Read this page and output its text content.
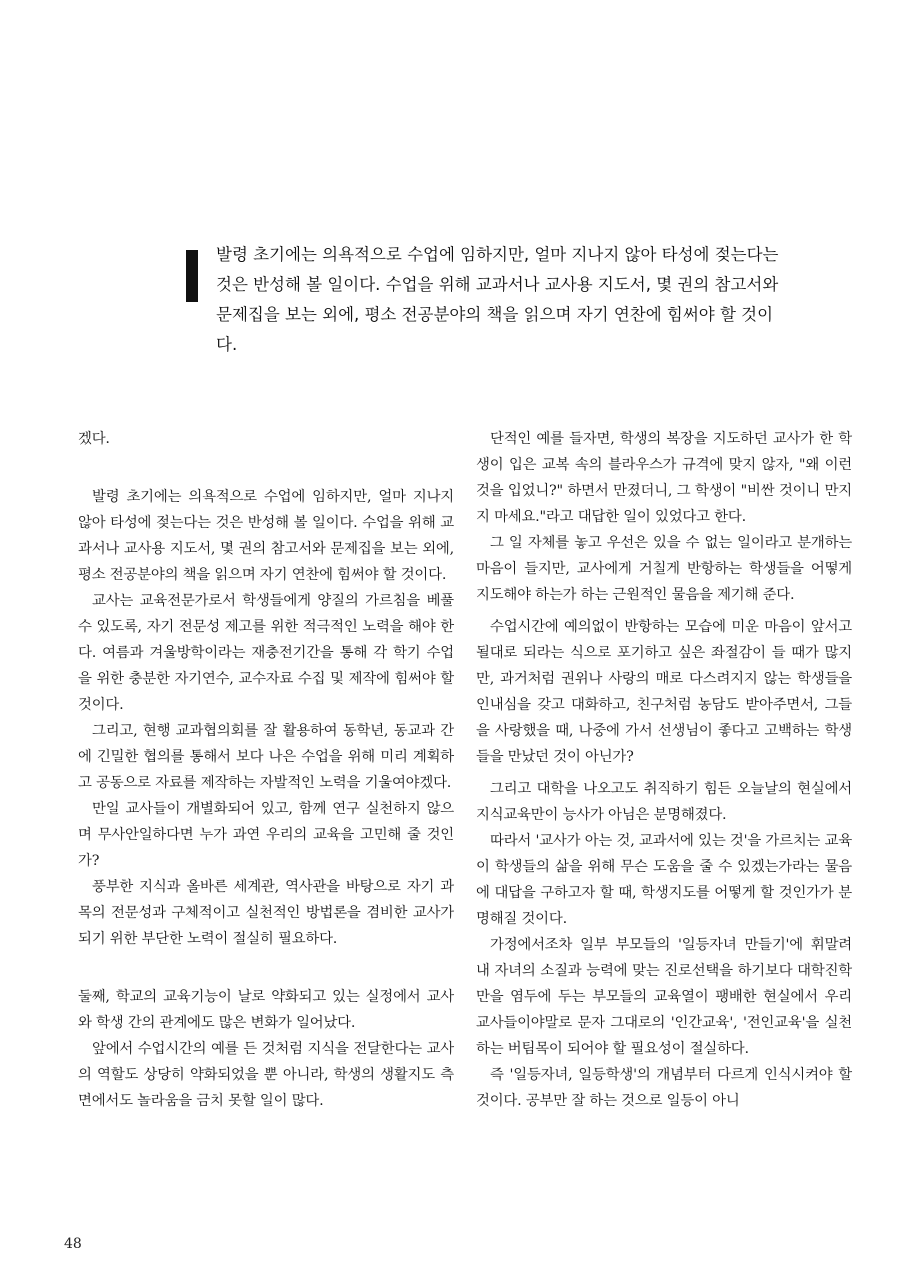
발령 초기에는 의욕적으로 수업에 임하지만, 얼마 지나지 않아 타성에 젖는다는 것은 반성해 볼 일이다. 수업을 위해 교과서나 교사용 지도서, 몇 권의 참고서와 문제집을 보는 외에, 평소 전공분야의 책을 읽으며 자기 연찬에 힘써야 할 것이다.

겠다.

발령 초기에는 의욕적으로 수업에 임하지만, 얼마 지나지 않아 타성에 젖는다는 것은 반성해 볼 일이다. 수업을 위해 교과서나 교사용 지도서, 몇 권의 참고서와 문제집을 보는 외에, 평소 전공분야의 책을 읽으며 자기 연찬에 힘써야 할 것이다.

교사는 교육전문가로서 학생들에게 양질의 가르침을 베풀 수 있도록, 자기 전문성 제고를 위한 적극적인 노력을 해야 한다. 여름과 겨울방학이라는 재충전기간을 통해 각 학기 수업을 위한 충분한 자기연수, 교수자료 수집 및 제작에 힘써야 할 것이다.

그리고, 현행 교과협의회를 잘 활용하여 동학년, 동교과 간에 긴밀한 협의를 통해서 보다 나은 수업을 위해 미리 계획하고 공동으로 자료를 제작하는 자발적인 노력을 기울여야겠다.

만일 교사들이 개별화되어 있고, 함께 연구 실천하지 않으며 무사안일하다면 누가 과연 우리의 교육을 고민해 줄 것인가?

풍부한 지식과 올바른 세계관, 역사관을 바탕으로 자기 과목의 전문성과 구체적이고 실천적인 방법론을 겸비한 교사가 되기 위한 부단한 노력이 절실히 필요하다.

둘째, 학교의 교육기능이 날로 약화되고 있는 실정에서 교사와 학생 간의 관계에도 많은 변화가 일어났다.

앞에서 수업시간의 예를 든 것처럼 지식을 전달한다는 교사의 역할도 상당히 약화되었을 뿐 아니라, 학생의 생활지도 측면에서도 놀라움을 금치 못할 일이 많다.

단적인 예를 들자면, 학생의 복장을 지도하던 교사가 한 학생이 입은 교복 속의 블라우스가 규격에 맞지 않자, "왜 이런 것을 입었니?" 하면서 만졌더니, 그 학생이 "비싼 것이니 만지지 마세요."라고 대답한 일이 있었다고 한다.

그 일 자체를 놓고 우선은 있을 수 없는 일이라고 분개하는 마음이 들지만, 교사에게 거칠게 반항하는 학생들을 어떻게 지도해야 하는가 하는 근원적인 물음을 제기해 준다.

수업시간에 예의없이 반항하는 모습에 미운 마음이 앞서고 될대로 되라는 식으로 포기하고 싶은 좌절감이 들 때가 많지만, 과거처럼 권위나 사랑의 매로 다스려지지 않는 학생들을 인내심을 갖고 대화하고, 친구처럼 농담도 받아주면서, 그들을 사랑했을 때, 나중에 가서 선생님이 좋다고 고백하는 학생들을 만났던 것이 아닌가?

그리고 대학을 나오고도 취직하기 힘든 오늘날의 현실에서 지식교육만이 능사가 아님은 분명해졌다.

따라서 '교사가 아는 것, 교과서에 있는 것'을 가르치는 교육이 학생들의 삶을 위해 무슨 도움을 줄 수 있겠는가라는 물음에 대답을 구하고자 할 때, 학생지도를 어떻게 할 것인가가 분명해질 것이다.

가정에서조차 일부 부모들의 '일등자녀 만들기'에 휘말려 내 자녀의 소질과 능력에 맞는 진로선택을 하기보다 대학진학만을 염두에 두는 부모들의 교육열이 팽배한 현실에서 우리 교사들이야말로 문자 그대로의 '인간교육', '전인교육'을 실천하는 버팀목이 되어야 할 필요성이 절실하다.

즉 '일등자녀, 일등학생'의 개념부터 다르게 인식시켜야 할 것이다. 공부만 잘 하는 것으로 일등이 아니

48
